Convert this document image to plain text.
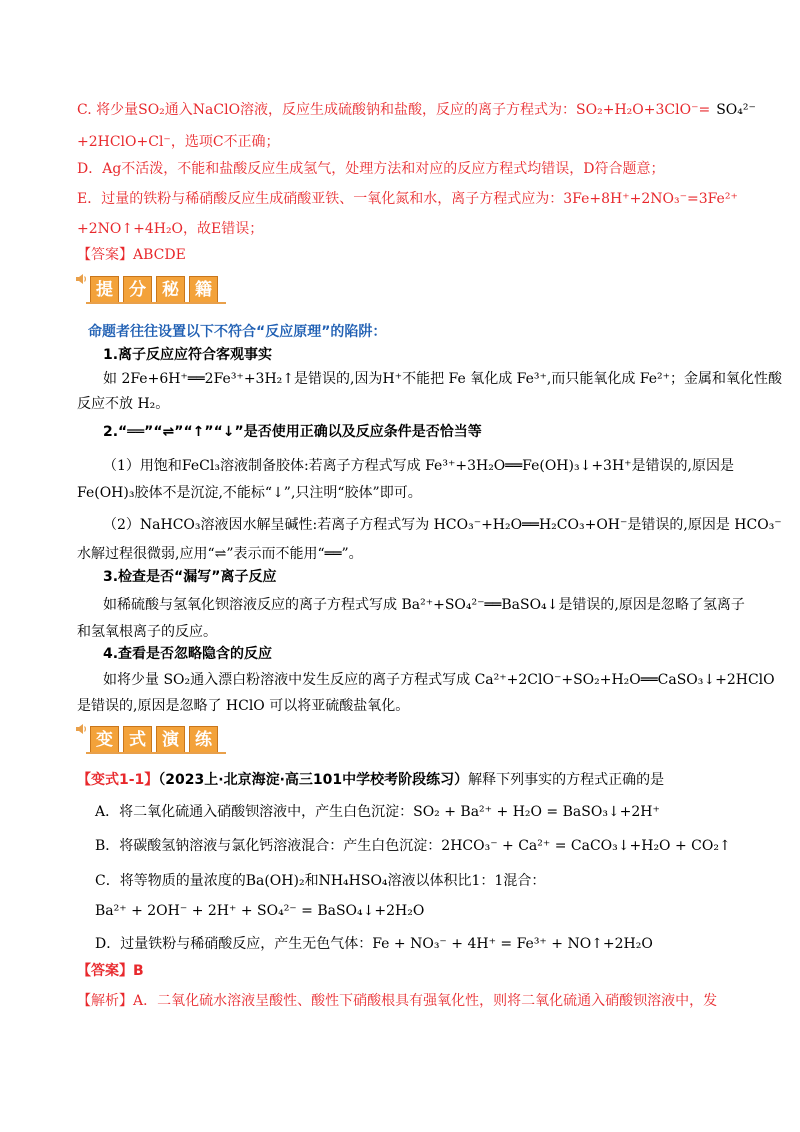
C. 将少量SO₂通入NaClO溶液，反应生成硫酸钠和盐酸，反应的离子方程式为：SO₂+H₂O+3ClO⁻= SO₄²⁻
+2HClO+Cl⁻，选项C不正确；
D．Ag不活泼，不能和盐酸反应生成氢气，处理方法和对应的反应方程式均错误，D符合题意；
E．过量的铁粉与稀硝酸反应生成硝酸亚铁、一氧化氮和水，离子方程式应为：3Fe+8H⁺+2NO₃⁻=3Fe²⁺
+2NO↑+4H₂O，故E错误；
【答案】ABCDE
提 分 秘 籍
命题者往往设置以下不符合“反应原理”的陷阱：
1.离子反应应符合客观事实
如 2Fe+6H⁺══2Fe³⁺+3H₂↑是错误的,因为H⁺不能把 Fe 氧化成 Fe³⁺,而只能氧化成 Fe²⁺；金属和氧化性酸
反应不放 H₂。
2.“══”“⇌”“↑”“↓”是否使用正确以及反应条件是否恰当等
（1）用饱和FeCl₃溶液制备胶体:若离子方程式写成 Fe³⁺+3H₂O══Fe(OH)₃↓+3H⁺是错误的,原因是
Fe(OH)₃胶体不是沉淀,不能标“↓”,只注明“胶体”即可。
（2）NaHCO₃溶液因水解呈碱性:若离子方程式写为 HCO₃⁻+H₂O══H₂CO₃+OH⁻是错误的,原因是 HCO₃⁻
水解过程很微弱,应用“⇌”表示而不能用“══”。
3.检查是否“漏写”离子反应
如稀硫酸与氢氧化钡溶液反应的离子方程式写成 Ba²⁺+SO₄²⁻══BaSO₄↓是错误的,原因是忽略了氢离子
和氢氧根离子的反应。
4.查看是否忽略隐含的反应
如将少量 SO₂通入漂白粉溶液中发生反应的离子方程式写成 Ca²⁺+2ClO⁻+SO₂+H₂O══CaSO₃↓+2HClO
是错误的,原因是忽略了 HClO 可以将亚硫酸盐氧化。
变 式 演 练
【变式1-1】（2023上·北京海淀·高三101中学校考阶段练习）解释下列事实的方程式正确的是
A．将二氧化硫通入硝酸钡溶液中，产生白色沉淀：SO₂ + Ba²⁺ + H₂O = BaSO₃↓+2H⁺
B．将碳酸氢钠溶液与氯化钙溶液混合：产生白色沉淀：2HCO₃⁻ + Ca²⁺ = CaCO₃↓+H₂O + CO₂↑
C．将等物质的量浓度的Ba(OH)₂和NH₄HSO₄溶液以体积比1：1混合：
Ba²⁺ + 2OH⁻ + 2H⁺ + SO₄²⁻ = BaSO₄↓+2H₂O
D．过量铁粉与稀硝酸反应，产生无色气体：Fe + NO₃⁻ + 4H⁺ = Fe³⁺ + NO↑+2H₂O
【答案】B
【解析】A．二氧化硫水溶液呈酸性、酸性下硝酸根具有强氧化性，则将二氧化硫通入硝酸钡溶液中，发
